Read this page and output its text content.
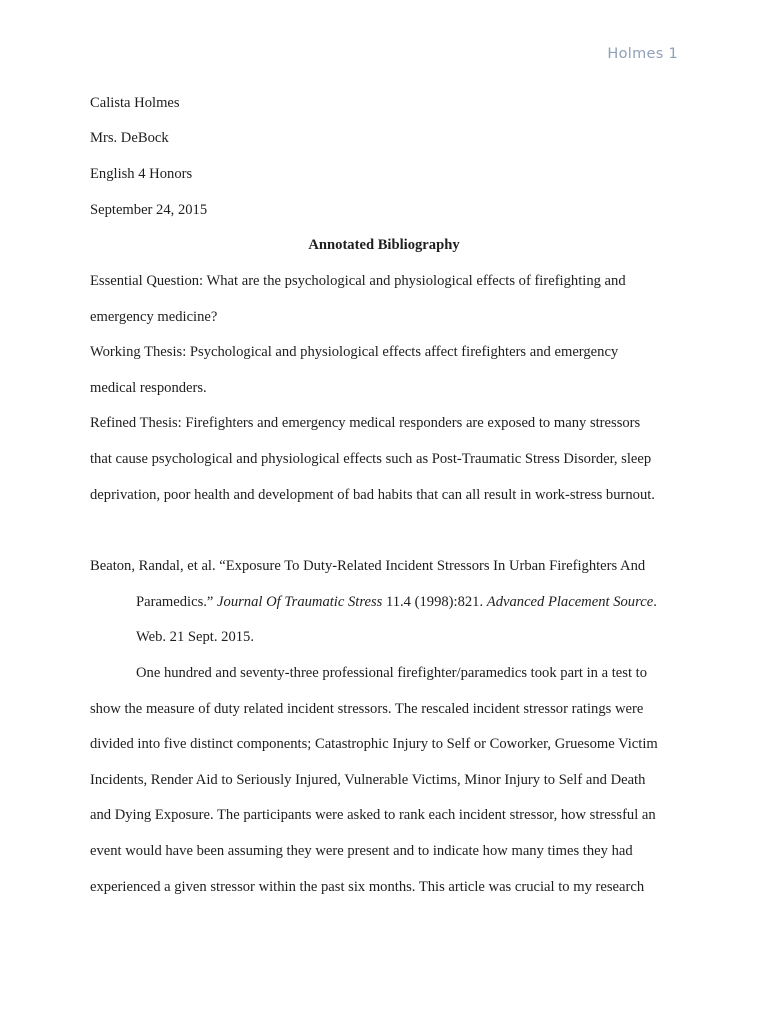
Holmes 1
Calista Holmes
Mrs. DeBock
English 4 Honors
September 24, 2015
Annotated Bibliography
Essential Question: What are the psychological and physiological effects of firefighting and
emergency medicine?
Working Thesis: Psychological and physiological effects affect firefighters and emergency
medical responders.
Refined Thesis: Firefighters and emergency medical responders are exposed to many stressors
that cause psychological and physiological effects such as Post-Traumatic Stress Disorder, sleep
deprivation, poor health and development of bad habits that can all result in work-stress burnout.
Beaton, Randal, et al. “Exposure To Duty-Related Incident Stressors In Urban Firefighters And
Paramedics.” Journal Of Traumatic Stress 11.4 (1998):821. Advanced Placement Source.
Web. 21 Sept. 2015.
One hundred and seventy-three professional firefighter/paramedics took part in a test to
show the measure of duty related incident stressors. The rescaled incident stressor ratings were
divided into five distinct components; Catastrophic Injury to Self or Coworker, Gruesome Victim
Incidents, Render Aid to Seriously Injured, Vulnerable Victims, Minor Injury to Self and Death
and Dying Exposure. The participants were asked to rank each incident stressor, how stressful an
event would have been assuming they were present and to indicate how many times they had
experienced a given stressor within the past six months. This article was crucial to my research
